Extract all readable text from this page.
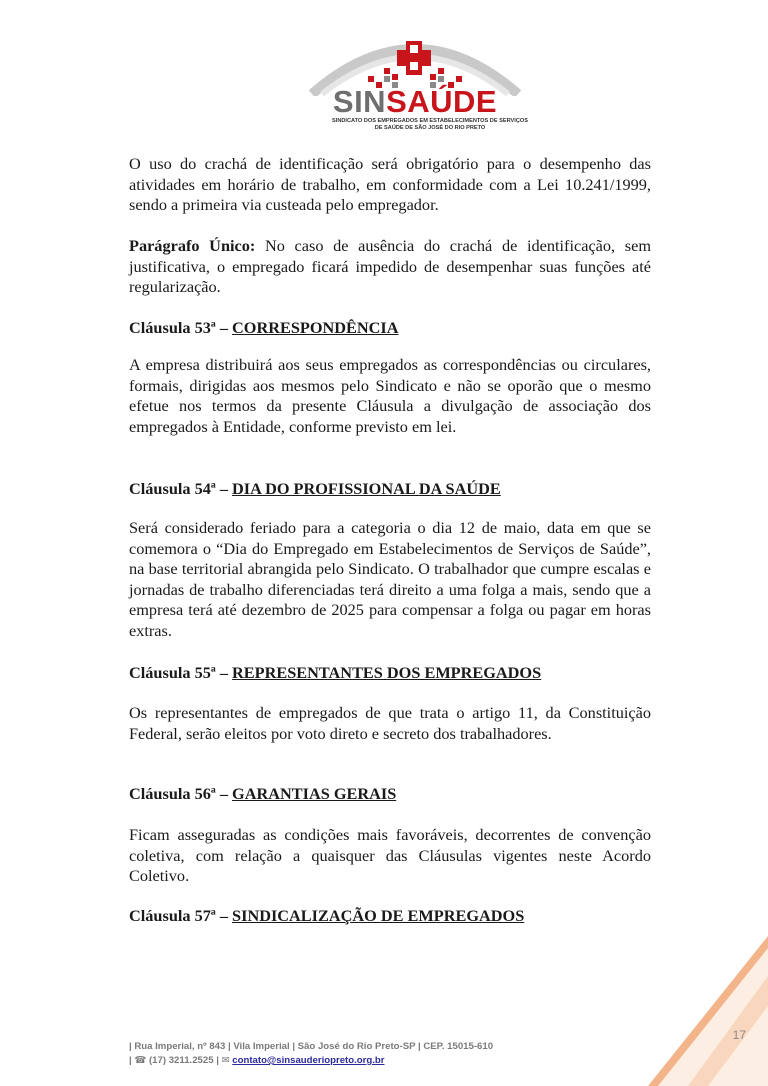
SINSAÚDE
SINDICATO DOS EMPREGADOS EM ESTABELECIMENTOS DE SERVIÇOS
DE SAÚDE DE SÃO JOSÉ DO RIO PRETO

O uso do crachá de identificação será obrigatório para o desempenho das atividades em horário de trabalho, em conformidade com a Lei 10.241/1999, sendo a primeira via custeada pelo empregador.

Parágrafo Único: No caso de ausência do crachá de identificação, sem justificativa, o empregado ficará impedido de desempenhar suas funções até regularização.

Cláusula 53ª – CORRESPONDÊNCIA

A empresa distribuirá aos seus empregados as correspondências ou circulares, formais, dirigidas aos mesmos pelo Sindicato e não se oporão que o mesmo efetue nos termos da presente Cláusula a divulgação de associação dos empregados à Entidade, conforme previsto em lei.

Cláusula 54ª – DIA DO PROFISSIONAL DA SAÚDE

Será considerado feriado para a categoria o dia 12 de maio, data em que se comemora o “Dia do Empregado em Estabelecimentos de Serviços de Saúde”, na base territorial abrangida pelo Sindicato. O trabalhador que cumpre escalas e jornadas de trabalho diferenciadas terá direito a uma folga a mais, sendo que a empresa terá até dezembro de 2025 para compensar a folga ou pagar em horas extras.

Cláusula 55ª – REPRESENTANTES DOS EMPREGADOS

Os representantes de empregados de que trata o artigo 11, da Constituição Federal, serão eleitos por voto direto e secreto dos trabalhadores.

Cláusula 56ª – GARANTIAS GERAIS

Ficam asseguradas as condições mais favoráveis, decorrentes de convenção coletiva, com relação a quaisquer das Cláusulas vigentes neste Acordo Coletivo.

Cláusula 57ª – SINDICALIZAÇÃO DE EMPREGADOS

17
| Rua Imperial, nº 843 | Vila Imperial | São José do Rio Preto-SP | CEP. 15015-610
| ☎ (17) 3211.2525 | ✉ contato@sinsauderiopreto.org.br
